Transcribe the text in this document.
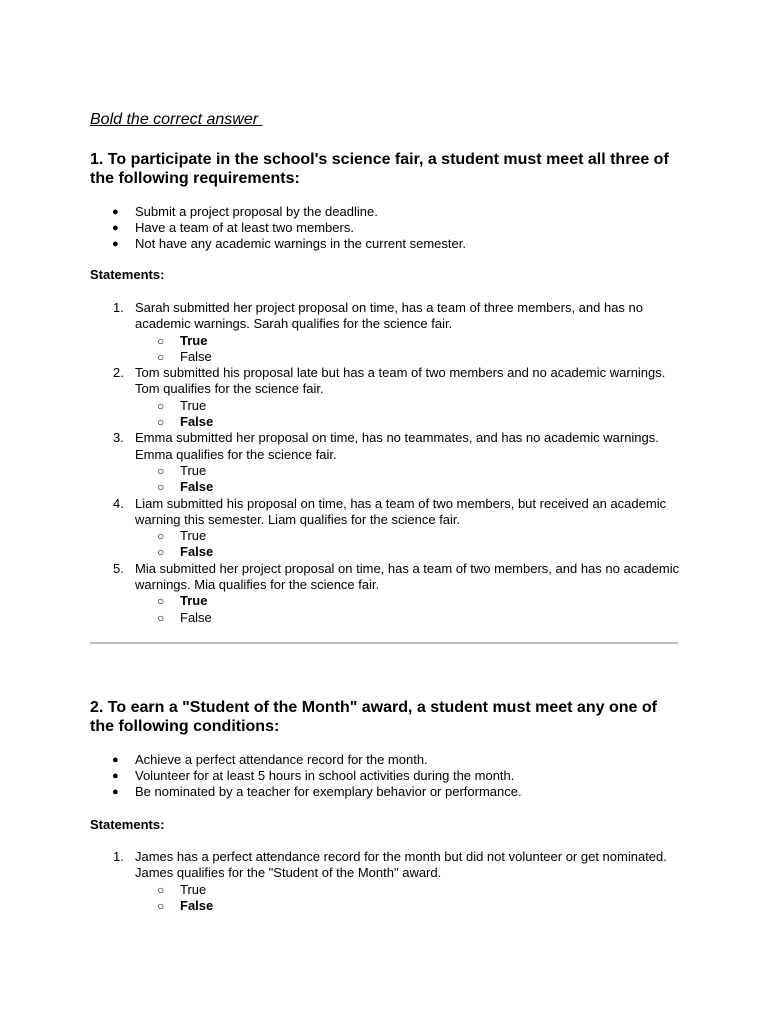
Bold the correct answer
1. To participate in the school's science fair, a student must meet all three of the following requirements:
● Submit a project proposal by the deadline.
● Have a team of at least two members.
● Not have any academic warnings in the current semester.
Statements:
1. Sarah submitted her project proposal on time, has a team of three members, and has no academic warnings. Sarah qualifies for the science fair.
○ True
○ False
2. Tom submitted his proposal late but has a team of two members and no academic warnings. Tom qualifies for the science fair.
○ True
○ False
3. Emma submitted her proposal on time, has no teammates, and has no academic warnings. Emma qualifies for the science fair.
○ True
○ False
4. Liam submitted his proposal on time, has a team of two members, but received an academic warning this semester. Liam qualifies for the science fair.
○ True
○ False
5. Mia submitted her project proposal on time, has a team of two members, and has no academic warnings. Mia qualifies for the science fair.
○ True
○ False
2. To earn a "Student of the Month" award, a student must meet any one of the following conditions:
● Achieve a perfect attendance record for the month.
● Volunteer for at least 5 hours in school activities during the month.
● Be nominated by a teacher for exemplary behavior or performance.
Statements:
1. James has a perfect attendance record for the month but did not volunteer or get nominated. James qualifies for the "Student of the Month" award.
○ True
○ False
